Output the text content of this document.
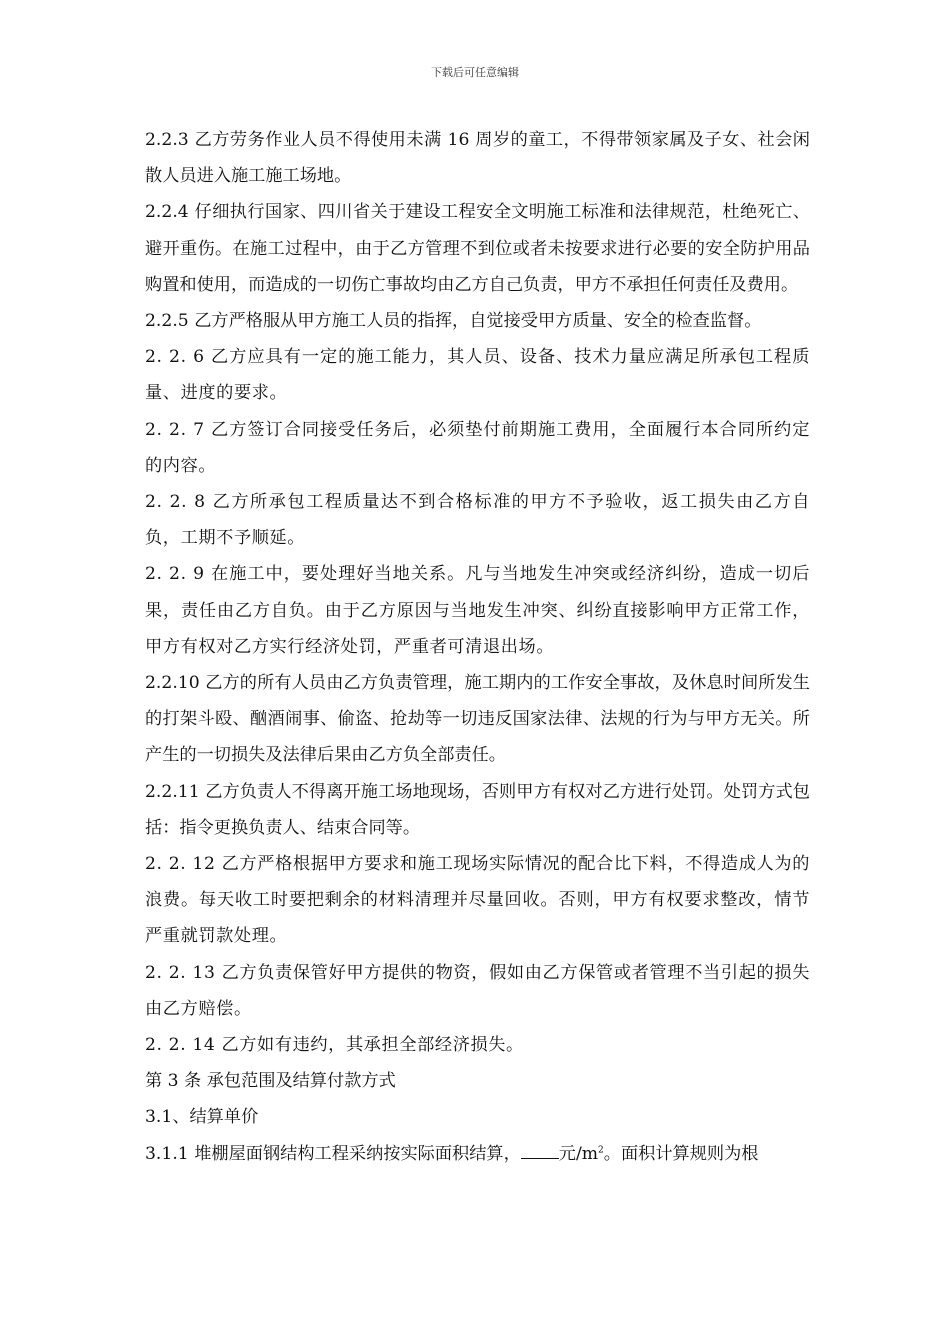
下载后可任意编辑

2.2.3 乙方劳务作业人员不得使用未满 16 周岁的童工，不得带领家属及子女、社会闲散人员进入施工施工场地。

2.2.4 仔细执行国家、四川省关于建设工程安全文明施工标准和法律规范，杜绝死亡、避开重伤。在施工过程中，由于乙方管理不到位或者未按要求进行必要的安全防护用品购置和使用，而造成的一切伤亡事故均由乙方自己负责，甲方不承担任何责任及费用。

2.2.5 乙方严格服从甲方施工人员的指挥，自觉接受甲方质量、安全的检查监督。

2. 2. 6 乙方应具有一定的施工能力，其人员、设备、技术力量应满足所承包工程质量、进度的要求。

2. 2. 7 乙方签订合同接受任务后，必须垫付前期施工费用，全面履行本合同所约定的内容。

2. 2. 8 乙方所承包工程质量达不到合格标准的甲方不予验收，返工损失由乙方自负，工期不予顺延。

2. 2. 9 在施工中，要处理好当地关系。凡与当地发生冲突或经济纠纷，造成一切后果，责任由乙方自负。由于乙方原因与当地发生冲突、纠纷直接影响甲方正常工作，甲方有权对乙方实行经济处罚，严重者可清退出场。

2.2.10 乙方的所有人员由乙方负责管理，施工期内的工作安全事故，及休息时间所发生的打架斗殴、酗酒闹事、偷盗、抢劫等一切违反国家法律、法规的行为与甲方无关。所产生的一切损失及法律后果由乙方负全部责任。

2.2.11 乙方负责人不得离开施工场地现场，否则甲方有权对乙方进行处罚。处罚方式包括：指令更换负责人、结束合同等。

2. 2. 12 乙方严格根据甲方要求和施工现场实际情况的配合比下料，不得造成人为的浪费。每天收工时要把剩余的材料清理并尽量回收。否则，甲方有权要求整改，情节严重就罚款处理。

2. 2. 13 乙方负责保管好甲方提供的物资，假如由乙方保管或者管理不当引起的损失由乙方赔偿。

2. 2. 14 乙方如有违约，其承担全部经济损失。

第 3 条 承包范围及结算付款方式

3.1、结算单价

3.1.1 堆棚屋面钢结构工程采纳按实际面积结算， 元$/m^2$。面积计算规则为根
